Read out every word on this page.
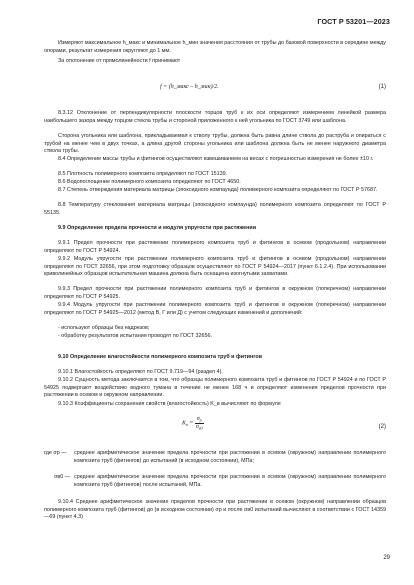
ГОСТ Р 53201—2023

Измеряют максимальное h_макс и минимальное h_мин значения расстояния от трубы до базовой поверхности в середине между опорами, результат измерения округляют до 1 мм.

За отклонение от прямолинейности f принимают

f = (h_макс – h_мин)/2.	(1)

8.3.12 Отклонение от перпендикулярности плоскости торцов труб к их оси определяют измерением линейкой размера наибольшего зазора между торцом стекла трубы и стороной приложенного к ней угольника по ГОСТ 3749 или шаблона.

Сторона угольника или шаблона, прикладываемая к стволу трубы, должна быть равна длине ствола до раструба и опираться с трубой на менее чем в двух точках, а длина другой стороны угольника или шаблона должна быть не менее наружного диаметра ствола трубы.

8.4 Определение массы трубы и фитингов осуществляют взвешиванием на весах с погрешностью измерения не более ±10 г.

8.5 Плотность полимерного композита определяют по ГОСТ 15139.

8.6 Водопоглощение полимерного композита определяют по ГОСТ 4650.

8.7 Степень отверждения материала матрицы (эпоксидного компаунда) полимерного композита определяют по ГОСТ Р 57687.

8.8 Температуру стеклования материала матрицы (эпоксидного компаунда) полимерного композита определяют по ГОСТ Р 55135.

9.9 Определение предела прочности и модуля упругости при растяжении

9.9.1 Предел прочности при растяжении полимерного композита труб и фитингов в осевом (продольном) направлении определяют по ГОСТ Р 54924.

9.9.2 Модуль упругости при растяжении полимерного композита труб и фитингов в осевом (продольном) направлении определяют по ГОСТ 32656, при этом подготовку образцов осуществляют по ГОСТ Р 54924—2017 (пункт 6.1.2.4). При использовании криволинейных образцов испытательная машина должна быть оснащена изогнутыми захватами.

9.9.3 Предел прочности при растяжении полимерного композита труб и фитингов в окружном (поперечном) направлении определяют по ГОСТ Р 54925.

9.9.4 Модуль упругости при растяжении полимерного композита труб и фитингов в окружном (поперечном) направлении определяют по ГОСТ Р 54925—2012 (метод В, Г или Д) с учетом следующих изменений и дополнений:

- используют образцы без надрезов;

- обработку результатов испытания проводят по ГОСТ 32656.

9.10 Определение влагостойкости полимерного композита труб и фитингов

9.10.1 Влагостойкость определяют по ГОСТ 9.719—94 (раздел 4).

9.10.2 Сущность метода заключается в том, что образцы полимерного композита труб и фитингов по ГОСТ Р 54924 и по ГОСТ Р 54925 подвергают воздействию водного тумана в течение не менее 168 ч и определяют изменения пределов прочности при растяжении в осевом и окружном направлении.

9.10.3 Коэффициенты сохранения свойств (влагостойкость) K_в вычисляют по формуле

$K_в = \frac{\sigma_р}{\sigma_{в0}}$	(2)
где σр —	среднее арифметическое значение предела прочности при растяжении в осевом (окружном) направлении полимерного композита труб (фитингов) до испытаний (в исходном состоянии), МПа;
σв0 — среднее арифметическое значение предела прочности при растяжении в осевом (окружном) направлении полимерного композита труб (фитингов) после испытаний, МПа.

9.10.4 Среднее арифметическое значение пределов прочности при растяжении в осевом (окружном) направлении образцов полимерного композита труб (фитингов) до (в исходном состоянии) σр и после σв0 испытаний вычисляют в соответствии с ГОСТ 14359—69 (пункт 4.3)

29
